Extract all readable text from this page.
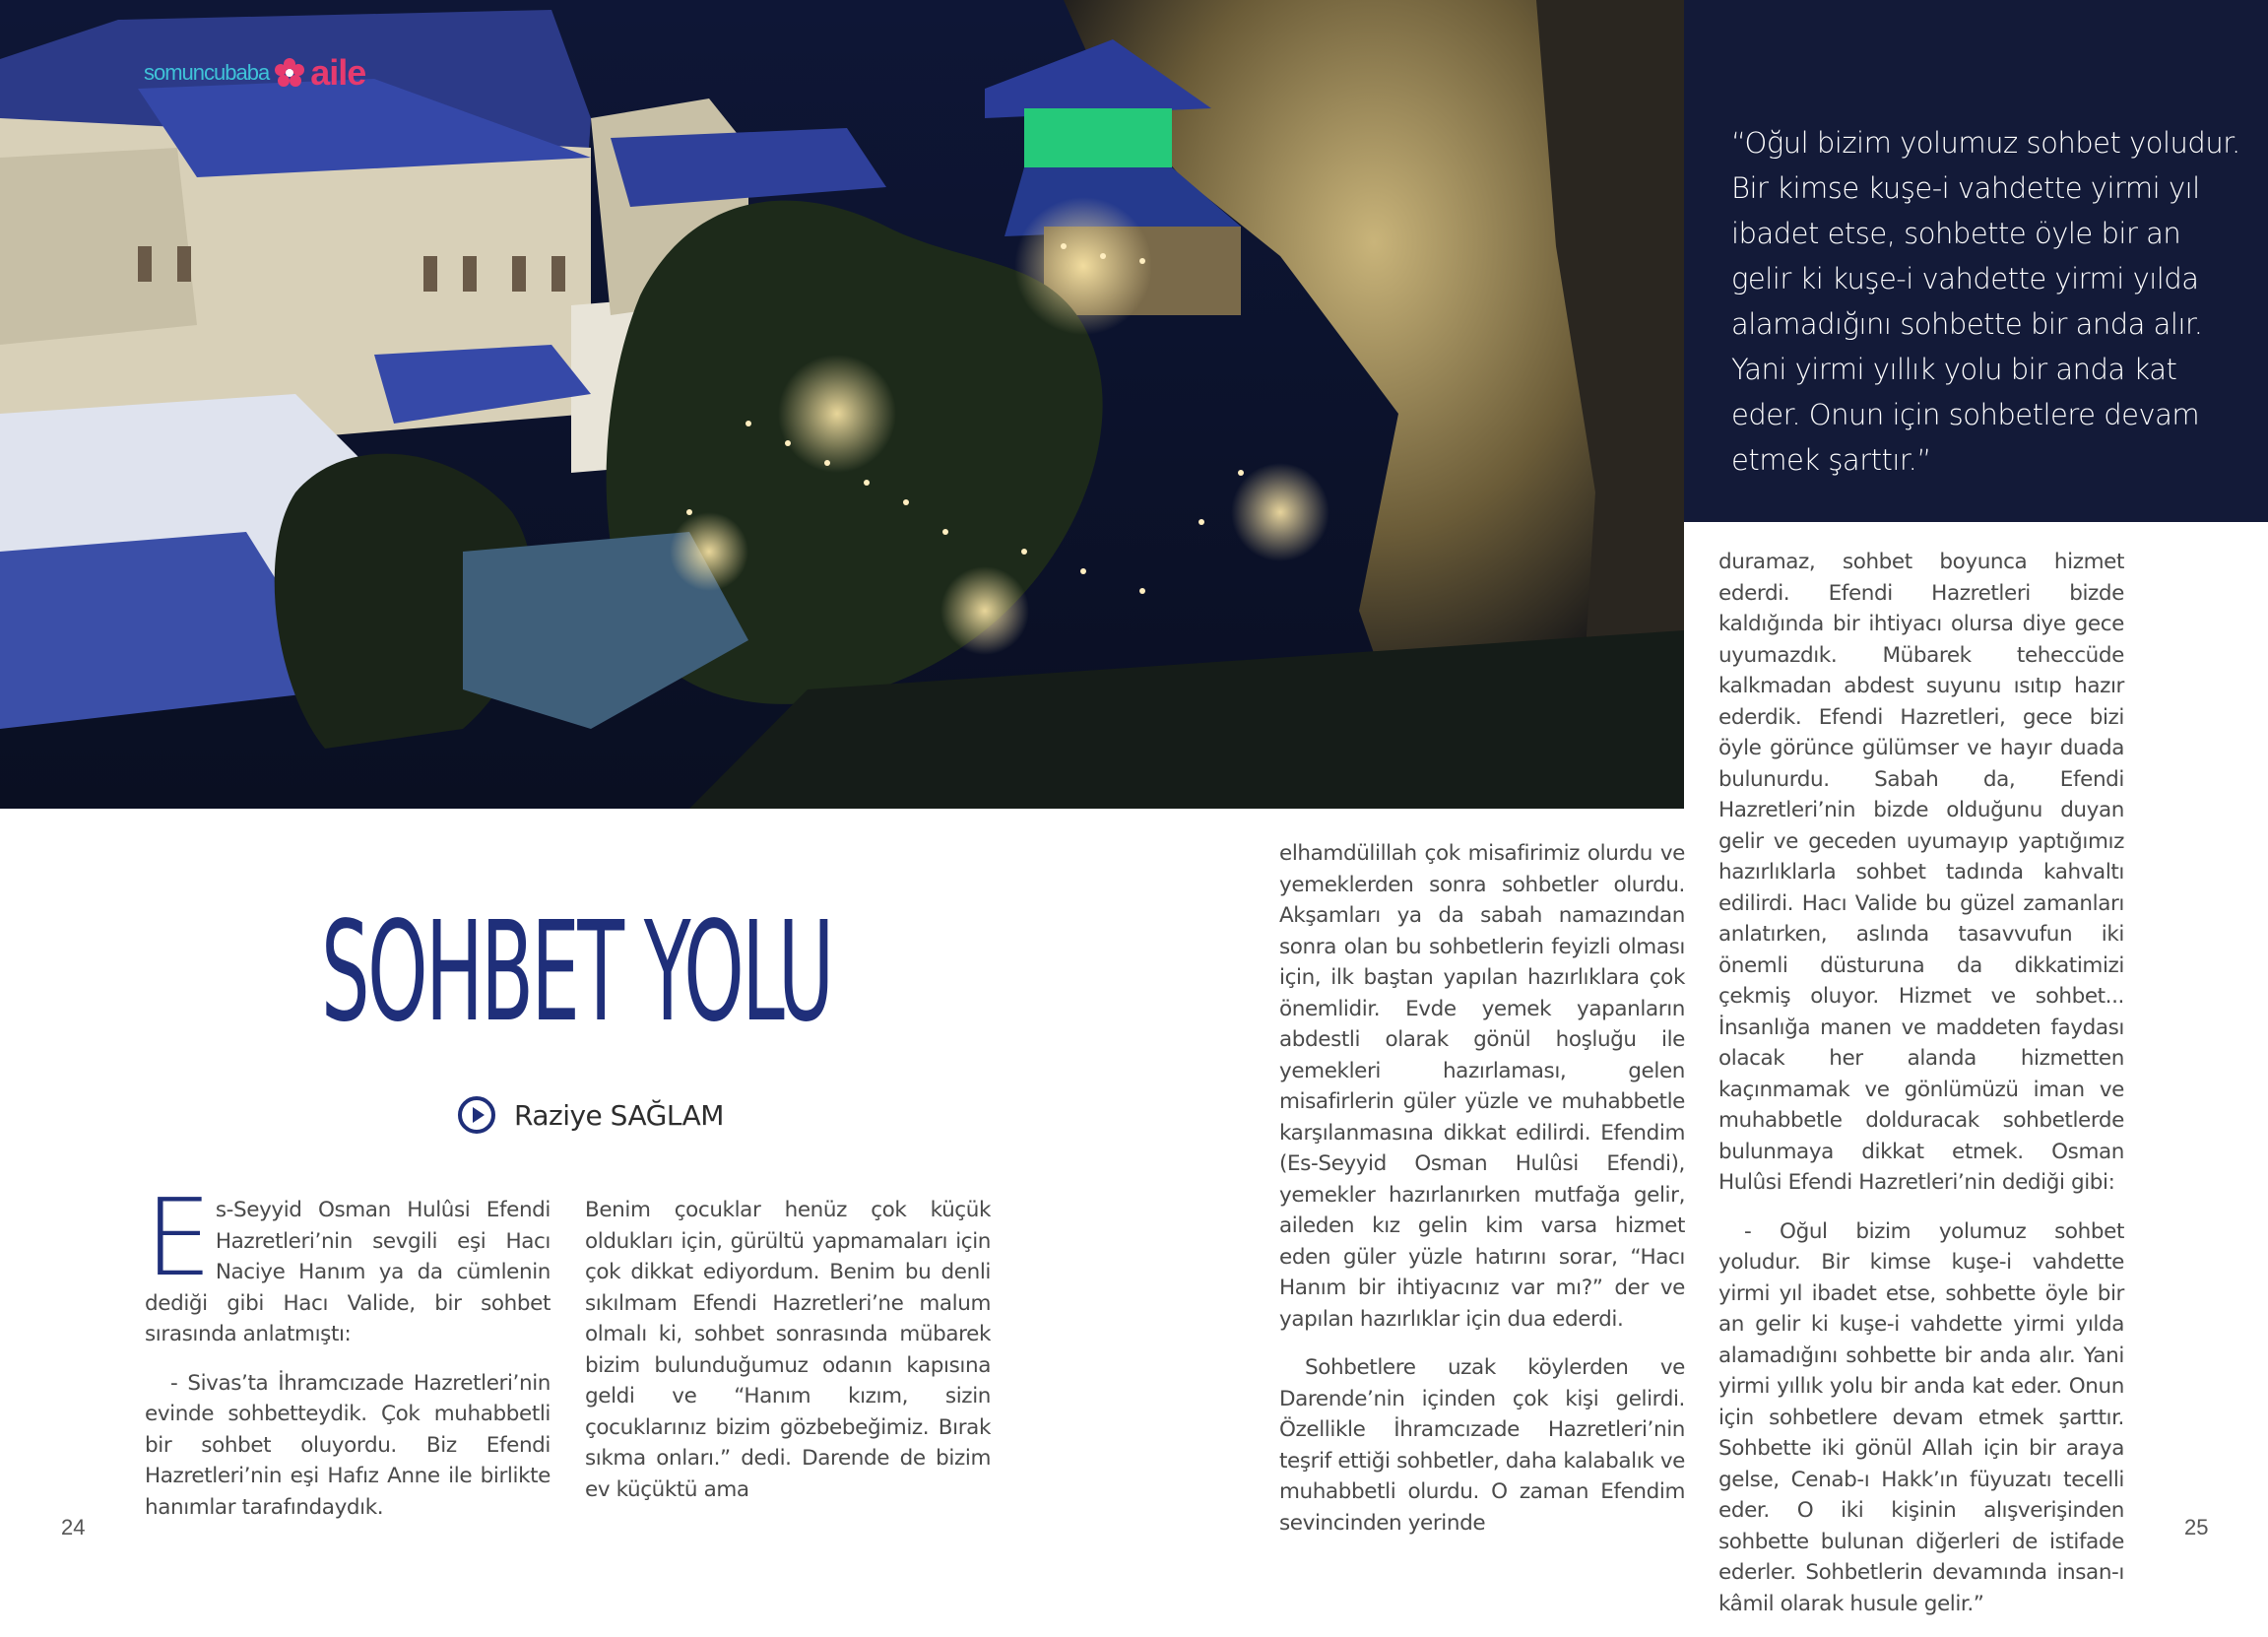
somuncubaba aile

“Oğul bizim yolumuz sohbet yoludur. Bir kimse kuşe-i vahdette yirmi yıl ibadet etse, sohbette öyle bir an gelir ki kuşe-i vahdette yirmi yılda alamadığını sohbette bir anda alır. Yani yirmi yıllık yolu bir anda kat eder. Onun için sohbetlere devam etmek şarttır.”

SOHBET YOLU
Raziye SAĞLAM

Es-Seyyid Osman Hulûsi Efendi Hazretleri’nin sevgili eşi Hacı Naciye Hanım ya da cümlenin dediği gibi Hacı Valide, bir sohbet sırasında anlatmıştı:

- Sivas’ta İhramcızade Hazretleri’nin evinde sohbetteydik. Çok muhabbetli bir sohbet oluyordu. Biz Efendi Hazretleri’nin eşi Hafız Anne ile birlikte hanımlar tarafındaydık.

Benim çocuklar henüz çok küçük oldukları için, gürültü yapmamaları için çok dikkat ediyordum. Benim bu denli sıkılmam Efendi Hazretleri’ne malum olmalı ki, sohbet sonrasında mübarek bizim bulunduğumuz odanın kapısına geldi ve “Hanım kızım, sizin çocuklarınız bizim gözbebeğimiz. Bırak sıkma onları.” dedi. Darende de bizim ev küçüktü ama

elhamdülillah çok misafirimiz olurdu ve yemeklerden sonra sohbetler olurdu. Akşamları ya da sabah namazından sonra olan bu sohbetlerin feyizli olması için, ilk baştan yapılan hazırlıklara çok önemlidir. Evde yemek yapanların abdestli olarak gönül hoşluğu ile yemekleri hazırlaması, gelen misafirlerin güler yüzle ve muhabbetle karşılanmasına dikkat edilirdi. Efendim (Es-Seyyid Osman Hulûsi Efendi), yemekler hazırlanırken mutfağa gelir, aileden kız gelin kim varsa hizmet eden güler yüzle hatırını sorar, “Hacı Hanım bir ihtiyacınız var mı?” der ve yapılan hazırlıklar için dua ederdi.

Sohbetlere uzak köylerden ve Darende’nin içinden çok kişi gelirdi. Özellikle İhramcızade Hazretleri’nin teşrif ettiği sohbetler, daha kalabalık ve muhabbetli olurdu. O zaman Efendim sevincinden yerinde

duramaz, sohbet boyunca hizmet ederdi. Efendi Hazretleri bizde kaldığında bir ihtiyacı olursa diye gece uyumazdık. Mübarek teheccüde kalkmadan abdest suyunu ısıtıp hazır ederdik. Efendi Hazretleri, gece bizi öyle görünce gülümser ve hayır duada bulunurdu. Sabah da, Efendi Hazretleri’nin bizde olduğunu duyan gelir ve geceden uyumayıp yaptığımız hazırlıklarla sohbet tadında kahvaltı edilirdi. Hacı Valide bu güzel zamanları anlatırken, aslında tasavvufun iki önemli düsturuna da dikkatimizi çekmiş oluyor. Hizmet ve sohbet... İnsanlığa manen ve maddeten faydası olacak her alanda hizmetten kaçınmamak ve gönlümüzü iman ve muhabbetle dolduracak sohbetlerde bulunmaya dikkat etmek. Osman Hulûsi Efendi Hazretleri’nin dediği gibi:

- Oğul bizim yolumuz sohbet yoludur. Bir kimse kuşe-i vahdette yirmi yıl ibadet etse, sohbette öyle bir an gelir ki kuşe-i vahdette yirmi yılda alamadığını sohbette bir anda alır. Yani yirmi yıllık yolu bir anda kat eder. Onun için sohbetlere devam etmek şarttır. Sohbette iki gönül Allah için bir araya gelse, Cenab-ı Hakk’ın füyuzatı tecelli eder. O iki kişinin alışverişinden sohbette bulunan diğerleri de istifade ederler. Sohbetlerin devamında insan-ı kâmil olarak husule gelir.”

24	25
